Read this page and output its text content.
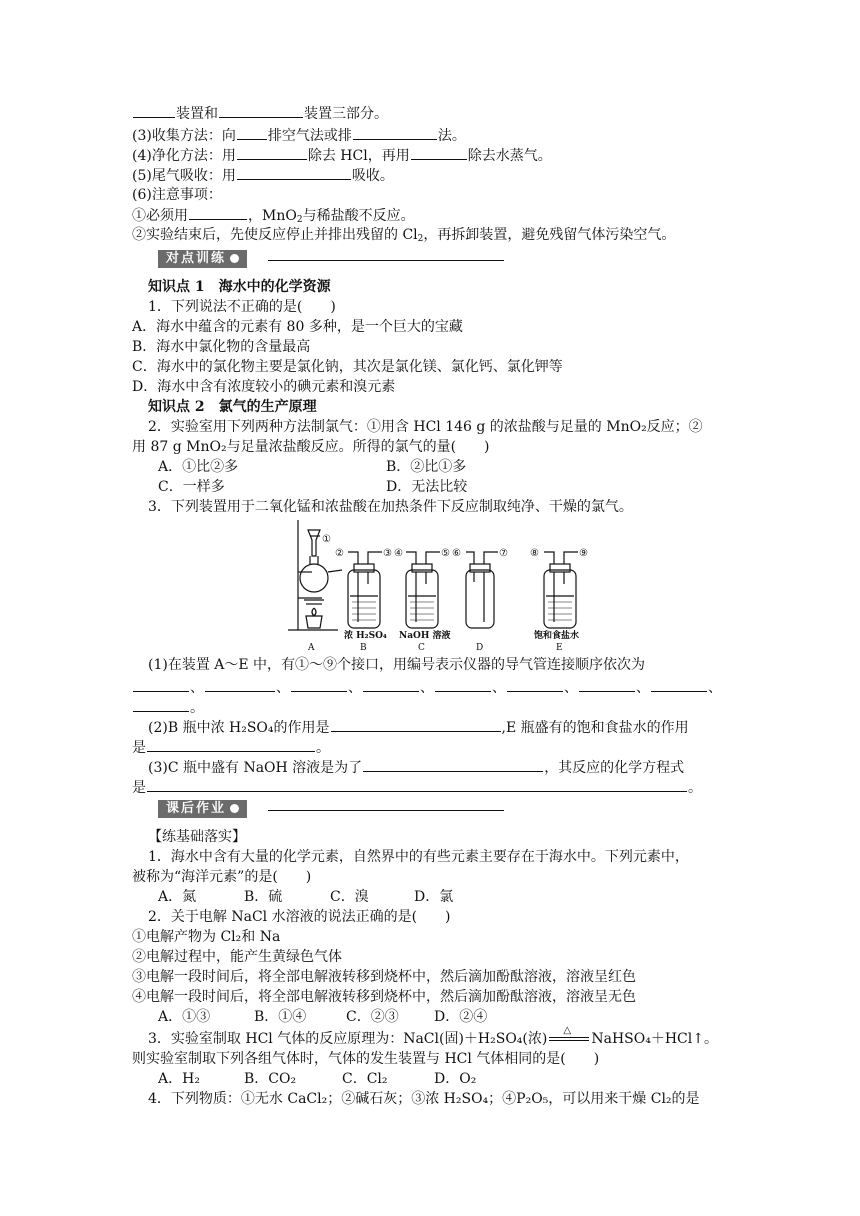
装置和	装置三部分。
(3)收集方法：向 排空气法或排	法。
(4)净化方法：用	除去 HCl，再用	除去水蒸气。
(5)尾气吸收：用	吸收。
(6)注意事项：
①必须用	，MnO$_2$与稀盐酸不反应。
②实验结束后，先使反应停止并排出残留的 $Cl_2$，再拆卸装置，避免残留气体污染空气。
对点训练
知识点 1　海水中的化学资源
1．下列说法不正确的是(　　)
A．海水中蕴含的元素有 80 多种，是一个巨大的宝藏
B．海水中氯化物的含量最高
C．海水中的氯化物主要是氯化钠，其次是氯化镁、氯化钙、氯化钾等
D．海水中含有浓度较小的碘元素和溴元素
知识点 2　氯气的生产原理
2．实验室用下列两种方法制氯气：①用含 HCl 146 g 的浓盐酸与足量的 MnO₂反应；②
用 87 g MnO₂与足量浓盐酸反应。所得的氯气的量(　　)
A．①比②多	B．②比①多
C．一样多	D．无法比较
3．下列装置用于二氧化锰和浓盐酸在加热条件下反应制取纯净、干燥的氯气。
①
②	③ ④	⑤ ⑥	⑦ ⑧	⑨
浓 H₂SO₄ NaOH 溶液	饱和食盐水
A	B	C	D	E
(1)在装置 A～E 中，有①～⑨个接口，用编号表示仪器的导气管连接顺序依次为
、	、	、	、	、	、	、	、
。
(2)B 瓶中浓 H₂SO₄的作用是	,E 瓶盛有的饱和食盐水的作用
是	。
(3)C 瓶中盛有 NaOH 溶液是为了	，其反应的化学方程式
是	。
课后作业
【练基础落实】
1．海水中含有大量的化学元素，自然界中的有些元素主要存在于海水中。下列元素中，
被称为“海洋元素”的是(　　)
A．氮	B．硫	C．溴	D．氯
2．关于电解 NaCl 水溶液的说法正确的是(　　)
①电解产物为 Cl₂和 Na
②电解过程中，能产生黄绿色气体
③电解一段时间后，将全部电解液转移到烧杯中，然后滴加酚酞溶液，溶液呈红色
④电解一段时间后，将全部电解液转移到烧杯中，然后滴加酚酞溶液，溶液呈无色
A．①③	B．①④	C．②③	D．②④
3．实验室制取 HCl 气体的反应原理为：NaCl(固)＋H₂SO₄(浓)
△
NaHSO₄＋HCl↑。
则实验室制取下列各组气体时，气体的发生装置与 HCl 气体相同的是(　　)
A．H₂	B．CO₂	C．Cl₂	D．O₂
4．下列物质：①无水 CaCl₂；②碱石灰；③浓 H₂SO₄；④P₂O₅，可以用来干燥 Cl₂的是
